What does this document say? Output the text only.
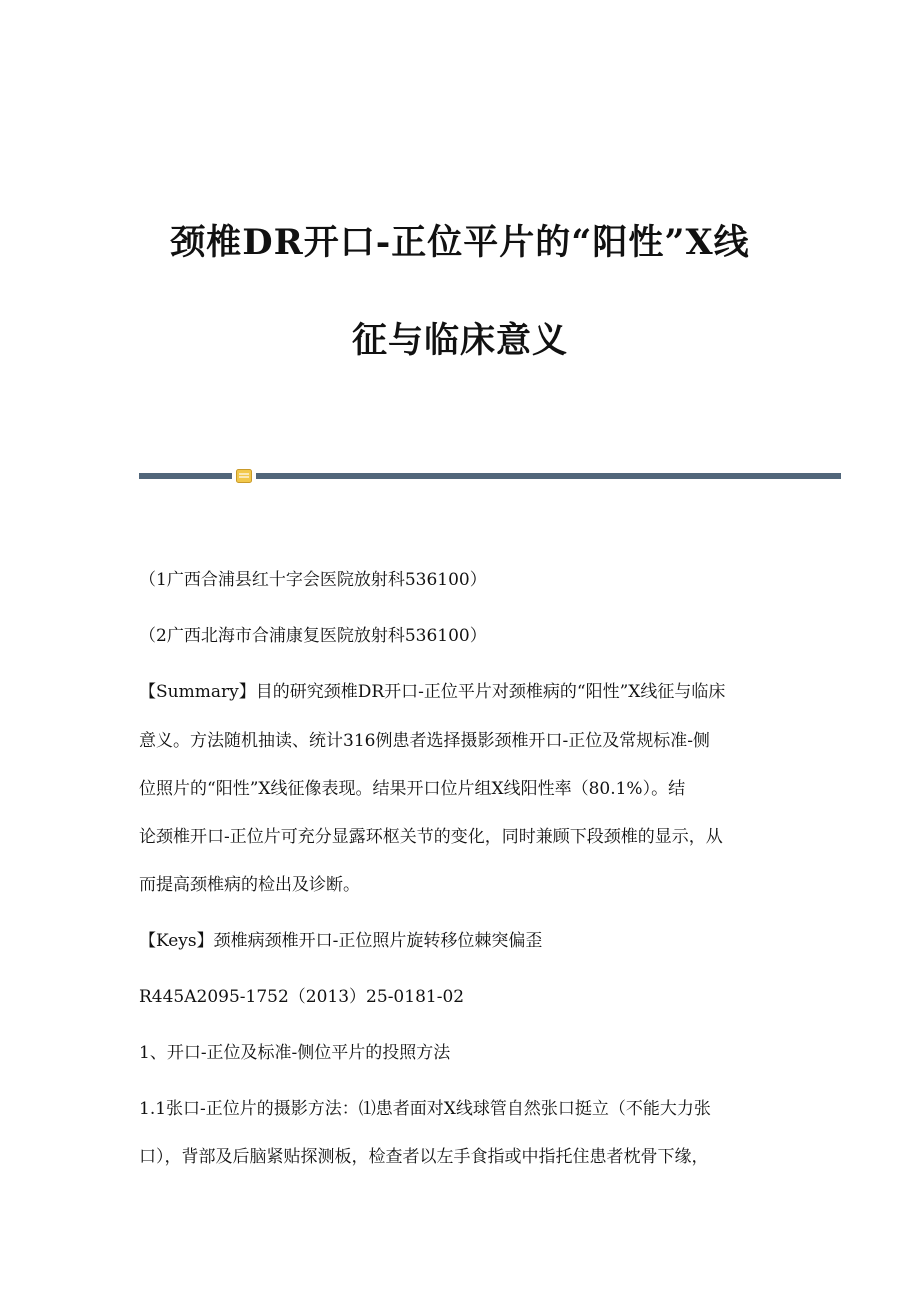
颈椎DR开口-正位平片的“阳性”X线
征与临床意义

（1广西合浦县红十字会医院放射科536100）

（2广西北海市合浦康复医院放射科536100）

【Summary】目的研究颈椎DR开口-正位平片对颈椎病的“阳性”X线征与临床

意义。方法随机抽读、统计316例患者选择摄影颈椎开口-正位及常规标准-侧

位照片的“阳性”X线征像表现。结果开口位片组X线阳性率（80.1%）。结

论颈椎开口-正位片可充分显露环枢关节的变化，同时兼顾下段颈椎的显示，从

而提高颈椎病的检出及诊断。

【Keys】颈椎病颈椎开口-正位照片旋转移位棘突偏歪

R445A2095-1752（2013）25-0181-02

1、开口-正位及标准-侧位平片的投照方法

1.1张口-正位片的摄影方法：⑴患者面对X线球管自然张口挺立（不能大力张

口），背部及后脑紧贴探测板，检查者以左手食指或中指托住患者枕骨下缘，
